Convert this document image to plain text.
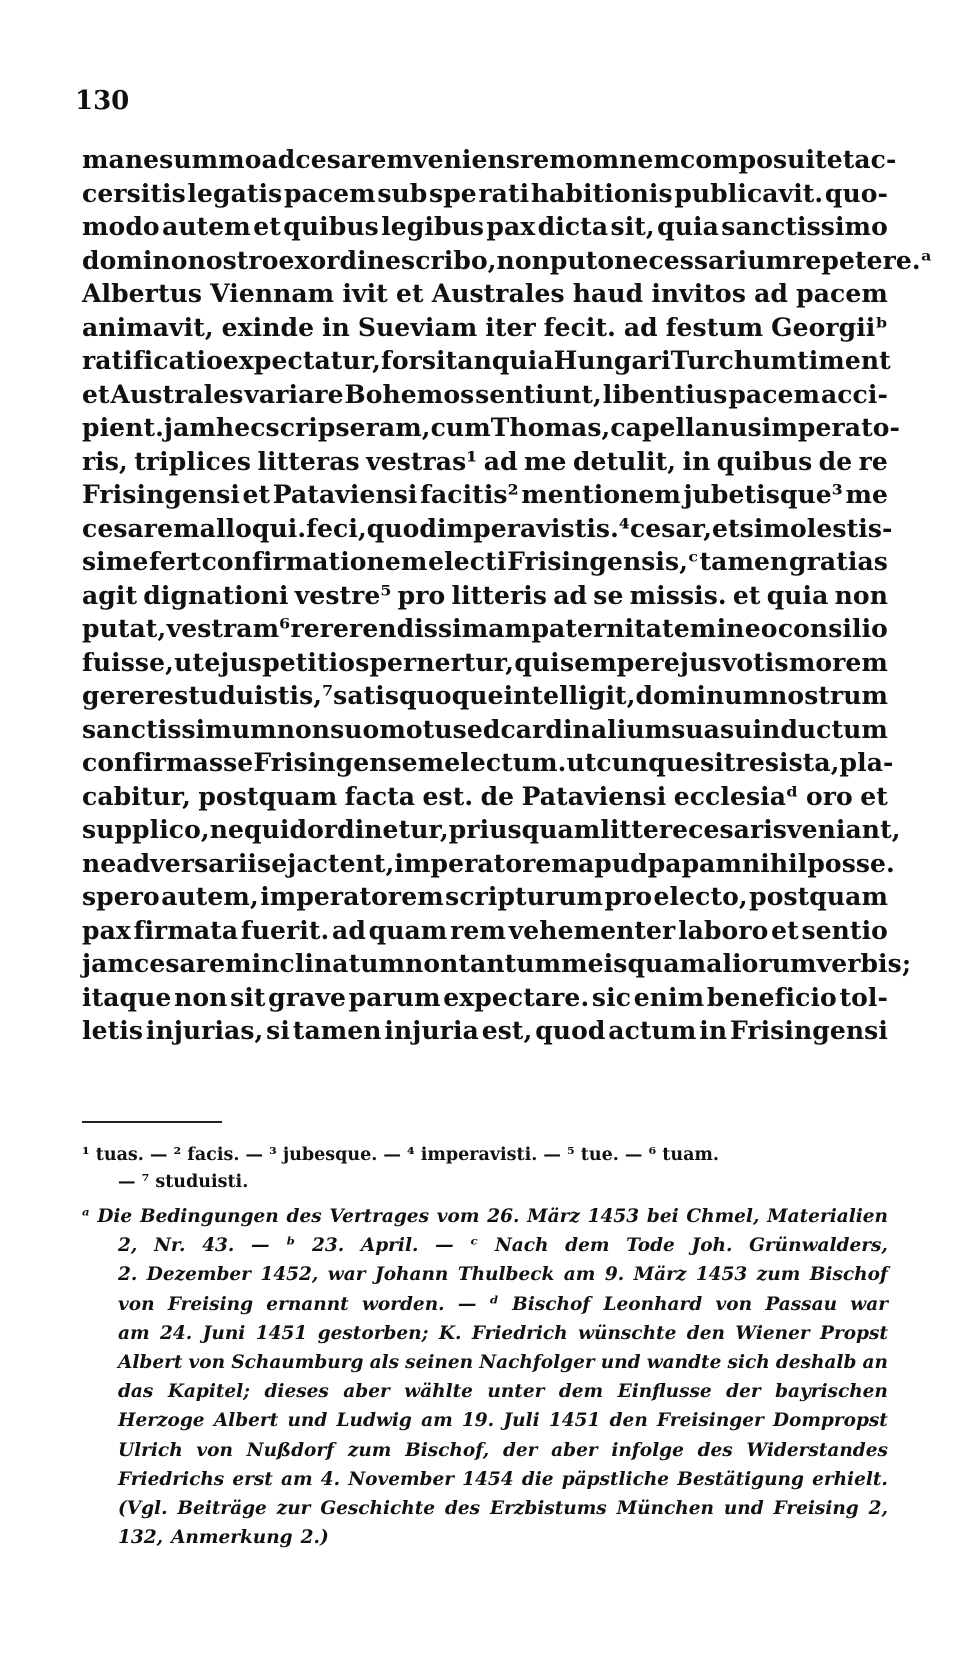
130
mane summo ad cesarem veniens rem omnem composuit et ac-
cersitis legatis pacem sub spe rati habitionis publicavit. quo-
modo autem et quibus legibus pax dicta sit, quia sanctissimo
domino nostro ex ordine scribo, non puto necessarium repetere.ᵃ
Albertus Viennam ivit et Australes haud invitos ad pacem
animavit, exinde in Sueviam iter fecit. ad festum Georgiiᵇ
ratificatio expectatur, forsitan quia Hungari Turchum timent
et Australes variare Bohemos sentiunt, libentius pacem acci-
pient. jam hec scripseram, cum Thomas, capellanus imperato-
ris, triplices litteras vestras¹ ad me detulit, in quibus de re
Frisingensi et Pataviensi facitis² mentionem jubetisque³ me
cesarem alloqui. feci, quod imperavistis.⁴ cesar, etsi molestis-
sime fert confirmationem electi Frisingensis,ᶜ tamen gratias
agit dignationi vestre⁵ pro litteris ad se missis. et quia non
putat, vestram⁶ rererendissimam paternitatem in eo consilio
fuisse, ut ejus petitio spernertur, qui semper ejus votis morem
gerere studuistis,⁷ satis quoque intelligit, dominum nostrum
sanctissimum non suo motu sed cardinalium suasu inductum
confirmasse Frisingensem electum. utcunque sit res ista, pla-
cabitur, postquam facta est. de Pataviensi ecclesiaᵈ oro et
supplico, ne quid ordinetur, priusquam littere cesaris veniant,
ne adversarii se jactent, imperatorem apud papam nihil posse.
spero autem, imperatorem scripturum pro electo, postquam
pax firmata fuerit. ad quam rem vehementer laboro et sentio
jam cesarem inclinatum non tantum meis quam aliorum verbis;
itaque non sit grave parum expectare. sic enim beneficio tol-
letis injurias, si tamen injuria est, quod actum in Frisingensi
¹ tuas. — ² facis. — ³ jubesque. — ⁴ imperavisti. — ⁵ tue. — ⁶ tuam.
— ⁷ studuisti.
ᵃ Die Bedingungen des Vertrages vom 26. März 1453 bei Chmel, Materialien
2, Nr. 43. — ᵇ 23. April. — ᶜ Nach dem Tode Joh. Grünwalders,
2. Dezember 1452, war Johann Thulbeck am 9. März 1453 zum Bischof
von Freising ernannt worden. — ᵈ Bischof Leonhard von Passau war
am 24. Juni 1451 gestorben; K. Friedrich wünschte den Wiener Propst
Albert von Schaumburg als seinen Nachfolger und wandte sich deshalb an
das Kapitel; dieses aber wählte unter dem Einflusse der bayrischen
Herzoge Albert und Ludwig am 19. Juli 1451 den Freisinger Dompropst
Ulrich von Nußdorf zum Bischof, der aber infolge des Widerstandes
Friedrichs erst am 4. November 1454 die päpstliche Bestätigung erhielt.
(Vgl. Beiträge zur Geschichte des Erzbistums München und Freising 2,
132, Anmerkung 2.)
